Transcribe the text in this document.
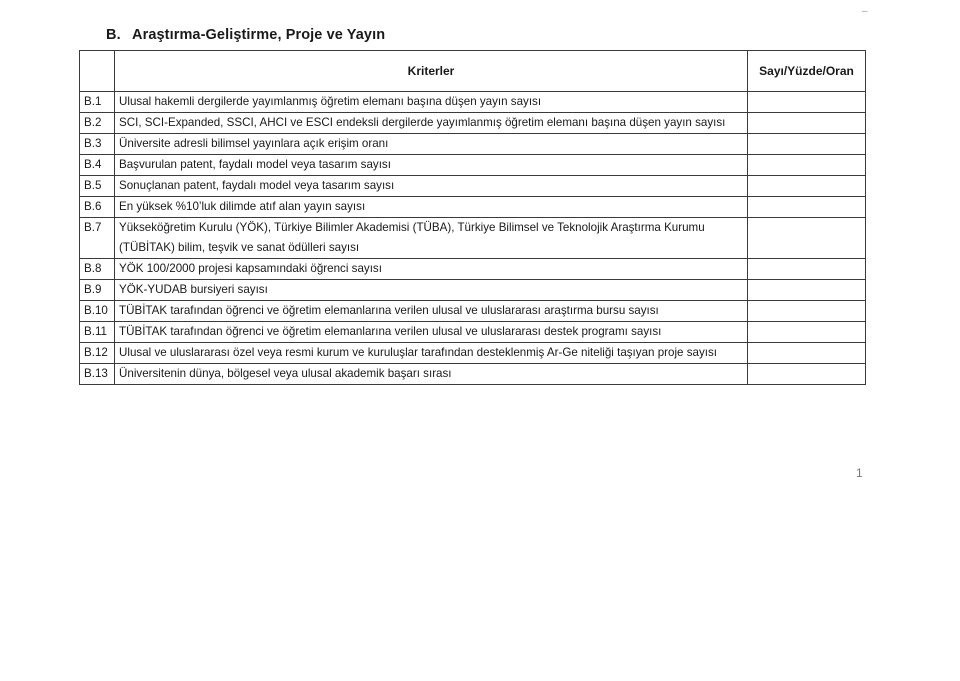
–
B. Araştırma-Geliştirme, Proje ve Yayın
	Kriterler	Sayı/Yüzde/Oran
B.1	Ulusal hakemli dergilerde yayımlanmış öğretim elemanı başına düşen yayın sayısı	
B.2	SCI, SCI-Expanded, SSCI, AHCI ve ESCI endeksli dergilerde yayımlanmış öğretim elemanı başına düşen yayın sayısı	
B.3	Üniversite adresli bilimsel yayınlara açık erişim oranı	
B.4	Başvurulan patent, faydalı model veya tasarım sayısı	
B.5	Sonuçlanan patent, faydalı model veya tasarım sayısı	
B.6	En yüksek %10’luk dilimde atıf alan yayın sayısı	
B.7	Yükseköğretim Kurulu (YÖK), Türkiye Bilimler Akademisi (TÜBA), Türkiye Bilimsel ve Teknolojik Araştırma Kurumu (TÜBİTAK) bilim, teşvik ve sanat ödülleri sayısı	
B.8	YÖK 100/2000 projesi kapsamındaki öğrenci sayısı	
B.9	YÖK-YUDAB bursiyeri sayısı	
B.10	TÜBİTAK tarafından öğrenci ve öğretim elemanlarına verilen ulusal ve uluslararası araştırma bursu sayısı	
B.11	TÜBİTAK tarafından öğrenci ve öğretim elemanlarına verilen ulusal ve uluslararası destek programı sayısı	
B.12	Ulusal ve uluslararası özel veya resmi kurum ve kuruluşlar tarafından desteklenmiş Ar-Ge niteliği taşıyan proje sayısı	
B.13	Üniversitenin dünya, bölgesel veya ulusal akademik başarı sırası	
1
